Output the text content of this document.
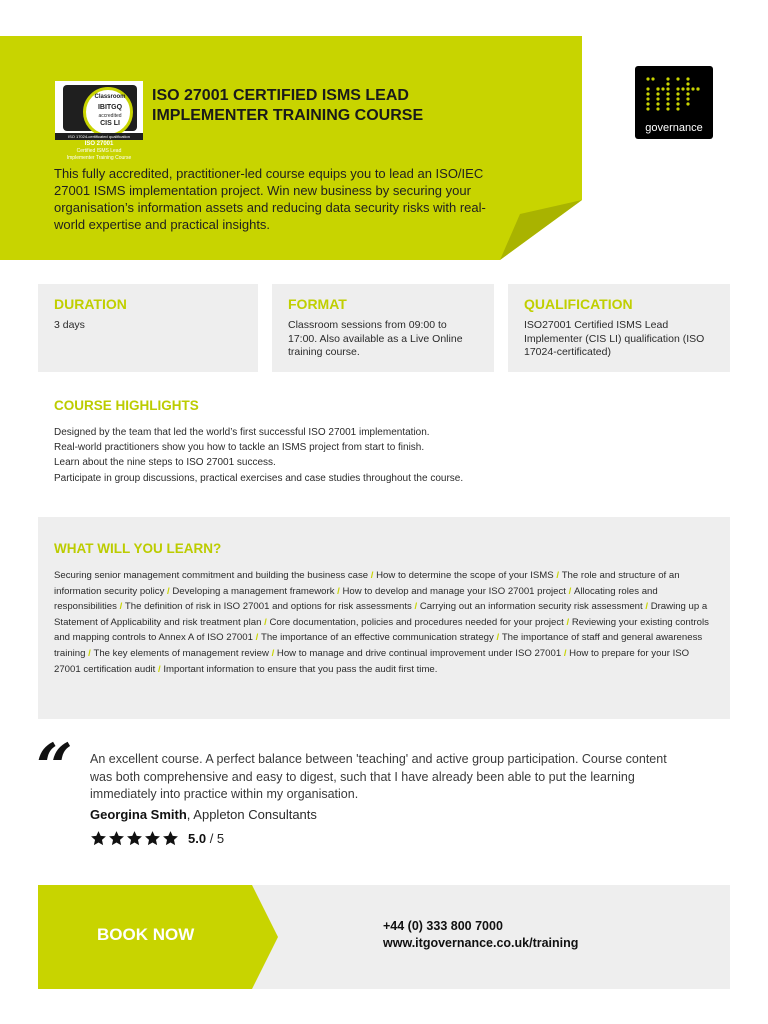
Classroom
IBITGQ
accredited
CIS LI
ISO 17024-certificated qualification
ISO 27001
Certified ISMS Lead
Implementer Training Course
ISO 27001 CERTIFIED ISMS LEAD
IMPLEMENTER TRAINING COURSE
This fully accredited, practitioner-led course equips you to lead an ISO/IEC 27001 ISMS implementation project. Win new business by securing your organisation’s information assets and reducing data security risks with real-world expertise and practical insights.
governance
DURATION

3 days

FORMAT

Classroom sessions from 09:00 to 17:00. Also available as a Live Online training course.

QUALIFICATION

ISO27001 Certified ISMS Lead Implementer (CIS LI) qualification (ISO 17024-certificated)

COURSE HIGHLIGHTS
Designed by the team that led the world’s first successful ISO 27001 implementation.
Real-world practitioners show you how to tackle an ISMS project from start to finish.
Learn about the nine steps to ISO 27001 success.
Participate in group discussions, practical exercises and case studies throughout the course.
WHAT WILL YOU LEARN?
Securing senior management commitment and building the business case / How to determine the scope of your ISMS / The role and structure of an information security policy / Developing a management framework / How to develop and manage your ISO 27001 project / Allocating roles and responsibilities / The definition of risk in ISO 27001 and options for risk assessments / Carrying out an information security risk assessment / Drawing up a Statement of Applicability and risk treatment plan / Core documentation, policies and procedures needed for your project / Reviewing your existing controls and mapping controls to Annex A of ISO 27001 / The importance of an effective communication strategy / The importance of staff and general awareness training / The key elements of management review / How to manage and drive continual improvement under ISO 27001 / How to prepare for your ISO 27001 certification audit / Important information to ensure that you pass the audit first time.
“ An excellent course. A perfect balance between 'teaching' and active group participation. Course content was both comprehensive and easy to digest, such that I have already been able to put the learning immediately into practice within my organisation.
Georgina Smith, Appleton Consultants
5.0 / 5
BOOK NOW	+44 (0) 333 800 7000
www.itgovernance.co.uk/training
